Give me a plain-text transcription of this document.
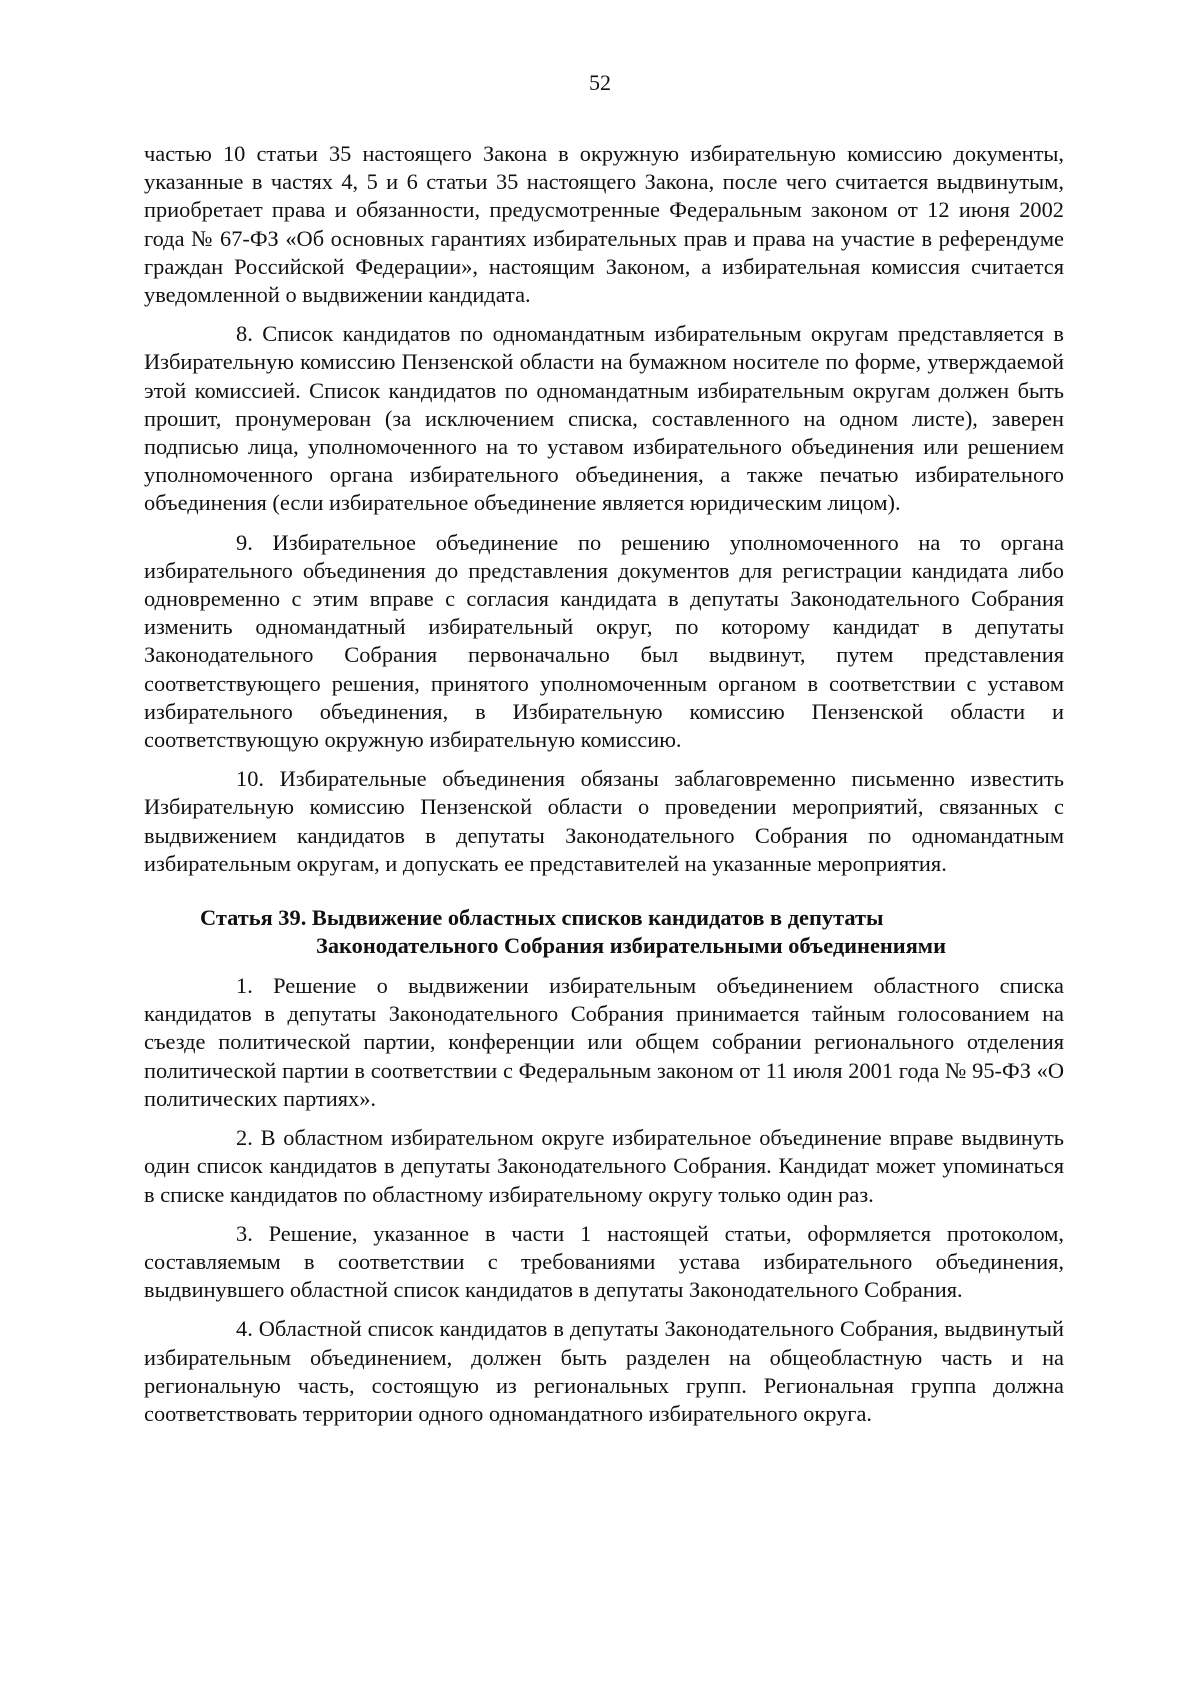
52

частью 10 статьи 35 настоящего Закона в окружную избирательную комиссию документы, указанные в частях 4, 5 и 6 статьи 35 настоящего Закона, после чего считается выдвинутым, приобретает права и обязанности, предусмотренные Федеральным законом от 12 июня 2002 года № 67-ФЗ «Об основных гарантиях избирательных прав и права на участие в референдуме граждан Российской Федерации», настоящим Законом, а избирательная комиссия считается уведомленной о выдвижении кандидата.

8. Список кандидатов по одномандатным избирательным округам представляется в Избирательную комиссию Пензенской области на бумажном носителе по форме, утверждаемой этой комиссией. Список кандидатов по одномандатным избирательным округам должен быть прошит, пронумерован (за исключением списка, составленного на одном листе), заверен подписью лица, уполномоченного на то уставом избирательного объединения или решением уполномоченного органа избирательного объединения, а также печатью избирательного объединения (если избирательное объединение является юридическим лицом).

9. Избирательное объединение по решению уполномоченного на то органа избирательного объединения до представления документов для регистрации кандидата либо одновременно с этим вправе с согласия кандидата в депутаты Законодательного Собрания изменить одномандатный избирательный округ, по которому кандидат в депутаты Законодательного Собрания первоначально был выдвинут, путем представления соответствующего решения, принятого уполномоченным органом в соответствии с уставом избирательного объединения, в Избирательную комиссию Пензенской области и соответствующую окружную избирательную комиссию.

10. Избирательные объединения обязаны заблаговременно письменно известить Избирательную комиссию Пензенской области о проведении мероприятий, связанных с выдвижением кандидатов в депутаты Законодательного Собрания по одномандатным избирательным округам, и допускать ее представителей на указанные мероприятия.

Статья 39. Выдвижение областных списков кандидатов в депутаты
Законодательного Собрания избирательными объединениями

1. Решение о выдвижении избирательным объединением областного списка кандидатов в депутаты Законодательного Собрания принимается тайным голосованием на съезде политической партии, конференции или общем собрании регионального отделения политической партии в соответствии с Федеральным законом от 11 июля 2001 года № 95-ФЗ «О политических партиях».

2. В областном избирательном округе избирательное объединение вправе выдвинуть один список кандидатов в депутаты Законодательного Собрания. Кандидат может упоминаться в списке кандидатов по областному избирательному округу только один раз.

3. Решение, указанное в части 1 настоящей статьи, оформляется протоколом, составляемым в соответствии с требованиями устава избирательного объединения, выдвинувшего областной список кандидатов в депутаты Законодательного Собрания.

4. Областной список кандидатов в депутаты Законодательного Собрания, выдвинутый избирательным объединением, должен быть разделен на общеобластную часть и на региональную часть, состоящую из региональных групп. Региональная группа должна соответствовать территории одного одномандатного избирательного округа.
